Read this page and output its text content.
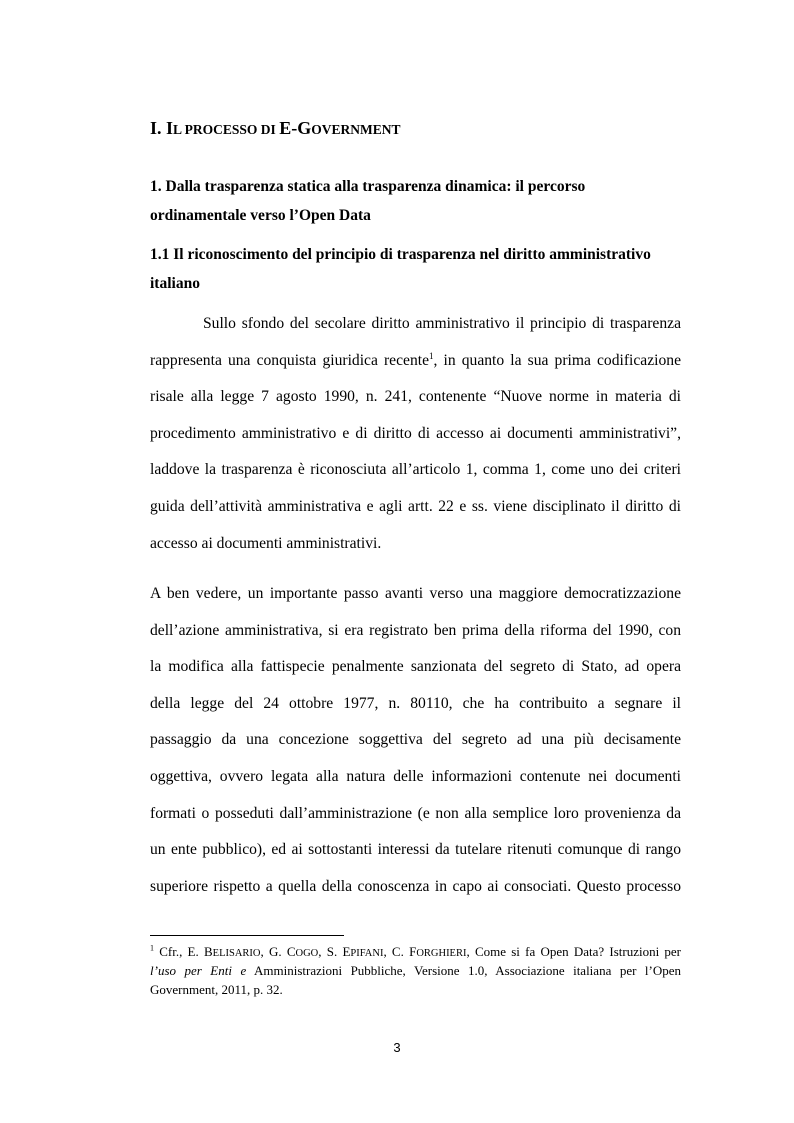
I. IL PROCESSO DI E-GOVERNMENT
1. Dalla trasparenza statica alla trasparenza dinamica: il percorso
ordinamentale verso l’Open Data
1.1 Il riconoscimento del principio di trasparenza nel diritto amministrativo
italiano
Sullo sfondo del secolare diritto amministrativo il principio di trasparenza
rappresenta una conquista giuridica recente$^1$, in quanto la sua prima codificazione
risale alla legge 7 agosto 1990, n. 241, contenente “Nuove norme in materia di
procedimento amministrativo e di diritto di accesso ai documenti amministrativi”,
laddove la trasparenza è riconosciuta all’articolo 1, comma 1, come uno dei criteri
guida dell’attività amministrativa e agli artt. 22 e ss. viene disciplinato il diritto di
accesso ai documenti amministrativi.
A ben vedere, un importante passo avanti verso una maggiore democratizzazione
dell’azione amministrativa, si era registrato ben prima della riforma del 1990, con
la modifica alla fattispecie penalmente sanzionata del segreto di Stato, ad opera
della legge del 24 ottobre 1977, n. 80110, che ha contribuito a segnare il
passaggio da una concezione soggettiva del segreto ad una più decisamente
oggettiva, ovvero legata alla natura delle informazioni contenute nei documenti
formati o posseduti dall’amministrazione (e non alla semplice loro provenienza da
un ente pubblico), ed ai sottostanti interessi da tutelare ritenuti comunque di rango
superiore rispetto a quella della conoscenza in capo ai consociati. Questo processo
$^1$ Cfr., E. BELISARIO, G. COGO, S. EPIFANI, C. FORGHIERI, Come si fa Open Data? Istruzioni per
l’uso per Enti e Amministrazioni Pubbliche, Versione 1.0, Associazione italiana per l’Open
Government, 2011, p. 32.
3
